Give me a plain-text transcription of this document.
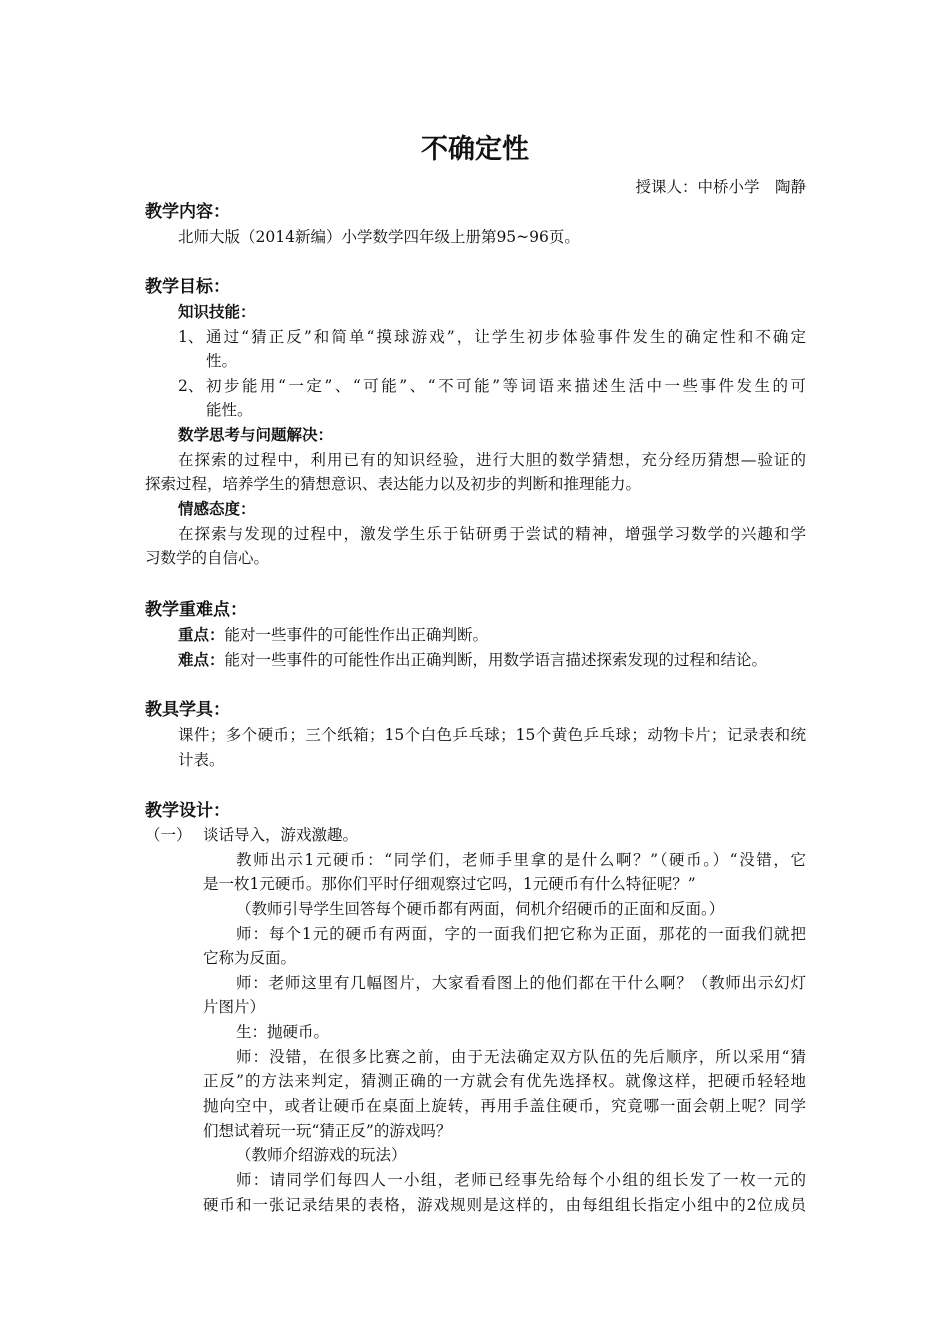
不确定性
授课人：中桥小学　陶静
教学内容：
北师大版（2014新编）小学数学四年级上册第95~96页。
教学目标：
知识技能：
1、 通过“猜正反”和简单“摸球游戏”，让学生初步体验事件发生的确定性和不确定
性。
2、 初步能用“一定”、“可能”、“不可能”等词语来描述生活中一些事件发生的可
能性。
数学思考与问题解决：
在探索的过程中，利用已有的知识经验，进行大胆的数学猜想，充分经历猜想—验证的
探索过程，培养学生的猜想意识、表达能力以及初步的判断和推理能力。
情感态度：
在探索与发现的过程中，激发学生乐于钻研勇于尝试的精神，增强学习数学的兴趣和学
习数学的自信心。
教学重难点：
重点：能对一些事件的可能性作出正确判断。
难点：能对一些事件的可能性作出正确判断，用数学语言描述探索发现的过程和结论。
教具学具：
课件；多个硬币；三个纸箱；15个白色乒乓球；15个黄色乒乓球；动物卡片；记录表和统
计表。
教学设计：
（一） 谈话导入，游戏激趣。
教师出示1元硬币：“同学们，老师手里拿的是什么啊？”（硬币。）“没错，它
是一枚1元硬币。那你们平时仔细观察过它吗，1元硬币有什么特征呢？”
（教师引导学生回答每个硬币都有两面，伺机介绍硬币的正面和反面。）
师：每个1元的硬币有两面，字的一面我们把它称为正面，那花的一面我们就把
它称为反面。
师：老师这里有几幅图片，大家看看图上的他们都在干什么啊？（教师出示幻灯
片图片）
生：抛硬币。
师：没错，在很多比赛之前，由于无法确定双方队伍的先后顺序，所以采用“猜
正反”的方法来判定，猜测正确的一方就会有优先选择权。就像这样，把硬币轻轻地
抛向空中，或者让硬币在桌面上旋转，再用手盖住硬币，究竟哪一面会朝上呢？同学
们想试着玩一玩“猜正反”的游戏吗？
（教师介绍游戏的玩法）
师：请同学们每四人一小组，老师已经事先给每个小组的组长发了一枚一元的
硬币和一张记录结果的表格，游戏规则是这样的，由每组组长指定小组中的2位成员
